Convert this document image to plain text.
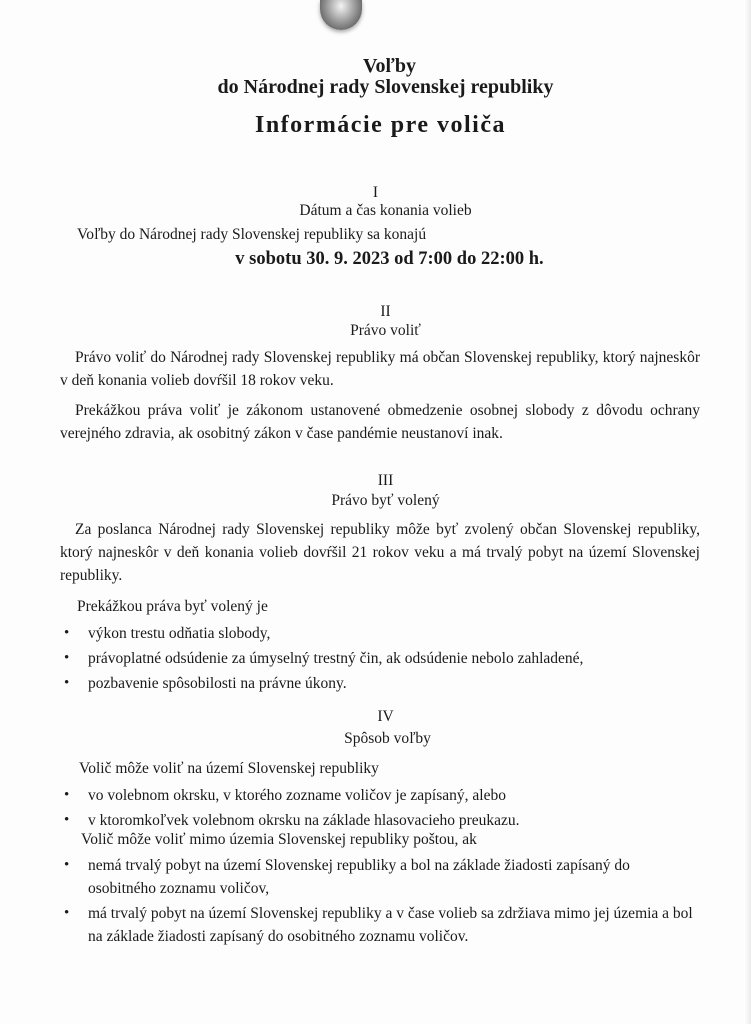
Voľby

do Národnej rady Slovenskej republiky

Informácie pre voliča

I

Dátum a čas konania volieb

Voľby do Národnej rady Slovenskej republiky sa konajú

v sobotu 30. 9. 2023 od 7:00 do 22:00 h.

II

Právo voliť

Právo voliť do Národnej rady Slovenskej republiky má občan Slovenskej republiky, ktorý najneskôr v deň konania volieb dovŕšil 18 rokov veku.

Prekážkou práva voliť je zákonom ustanovené obmedzenie osobnej slobody z dôvodu ochrany verejného zdravia, ak osobitný zákon v čase pandémie neustanoví inak.

III

Právo byť volený

Za poslanca Národnej rady Slovenskej republiky môže byť zvolený občan Slovenskej republiky, ktorý najneskôr v deň konania volieb dovŕšil 21 rokov veku a má trvalý pobyt na území Slovenskej republiky.

Prekážkou práva byť volený je

• výkon trestu odňatia slobody,
• právoplatné odsúdenie za úmyselný trestný čin, ak odsúdenie nebolo zahladené,
• pozbavenie spôsobilosti na právne úkony.

IV

Spôsob voľby

Volič môže voliť na území Slovenskej republiky

• vo volebnom okrsku, v ktorého zozname voličov je zapísaný, alebo
• v ktoromkoľvek volebnom okrsku na základe hlasovacieho preukazu.

Volič môže voliť mimo územia Slovenskej republiky poštou, ak

• nemá trvalý pobyt na území Slovenskej republiky a bol na základe žiadosti zapísaný do osobitného zoznamu voličov,
• má trvalý pobyt na území Slovenskej republiky a v čase volieb sa zdržiava mimo jej územia a bol na základe žiadosti zapísaný do osobitného zoznamu voličov.
